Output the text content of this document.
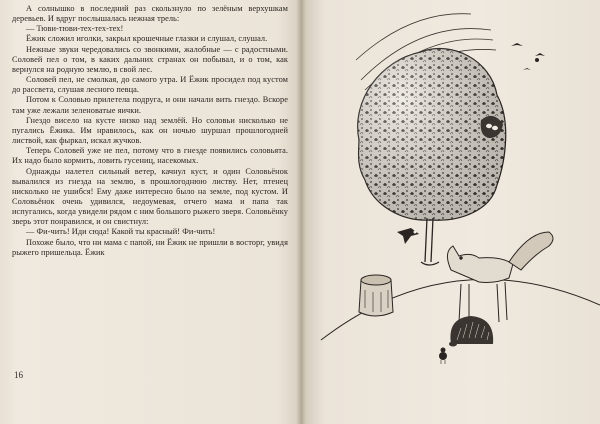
А солнышко в последний раз скользнуло по зелёным верхушкам деревьев. И вдруг послышалась нежная трель:

— Тюви-тюви-тех-тех-тех!

Ёжик сложил иголки, закрыл крошечные глазки и слушал, слушал.

Нежные звуки чередовались со звонкими, жалобные — с радостными. Соловей пел о том, в каких дальних странах он побывал, и о том, как вернулся на родную землю, в свой лес.

Соловей пел, не смолкая, до самого утра. И Ёжик просидел под кустом до рассвета, слушая лесного певца.

Потом к Соловью прилетела подруга, и они начали вить гнездо. Вскоре там уже лежали зеленоватые яички.

Гнездо висело на кусте низко над землёй. Но соловьи нисколько не пугались Ёжика. Им нравилось, как он ночью шуршал прошлогодней листвой, как фыркал, искал жучков.

Теперь Соловей уже не пел, потому что в гнезде появились соловьята. Их надо было кормить, ловить гусениц, насекомых.

Однажды налетел сильный ветер, качнул куст, и один Соловьёнок вывалился из гнезда на землю, в прошлогоднюю листву. Нет, птенец нисколько не ушибся! Ему даже интересно было на земле, под кустом. И Соловьёнок очень удивился, недоумевая, отчего мама и папа так испугались, когда увидели рядом с ним большого рыжего зверя. Соловьёнку зверь этот понравился, и он свистнул:

— Фи-чить! Иди сюда! Какой ты красный! Фи-чить!

Похоже было, что ни мама с папой, ни Ёжик не пришли в восторг, увидя рыжего пришельца. Ёжик

16
